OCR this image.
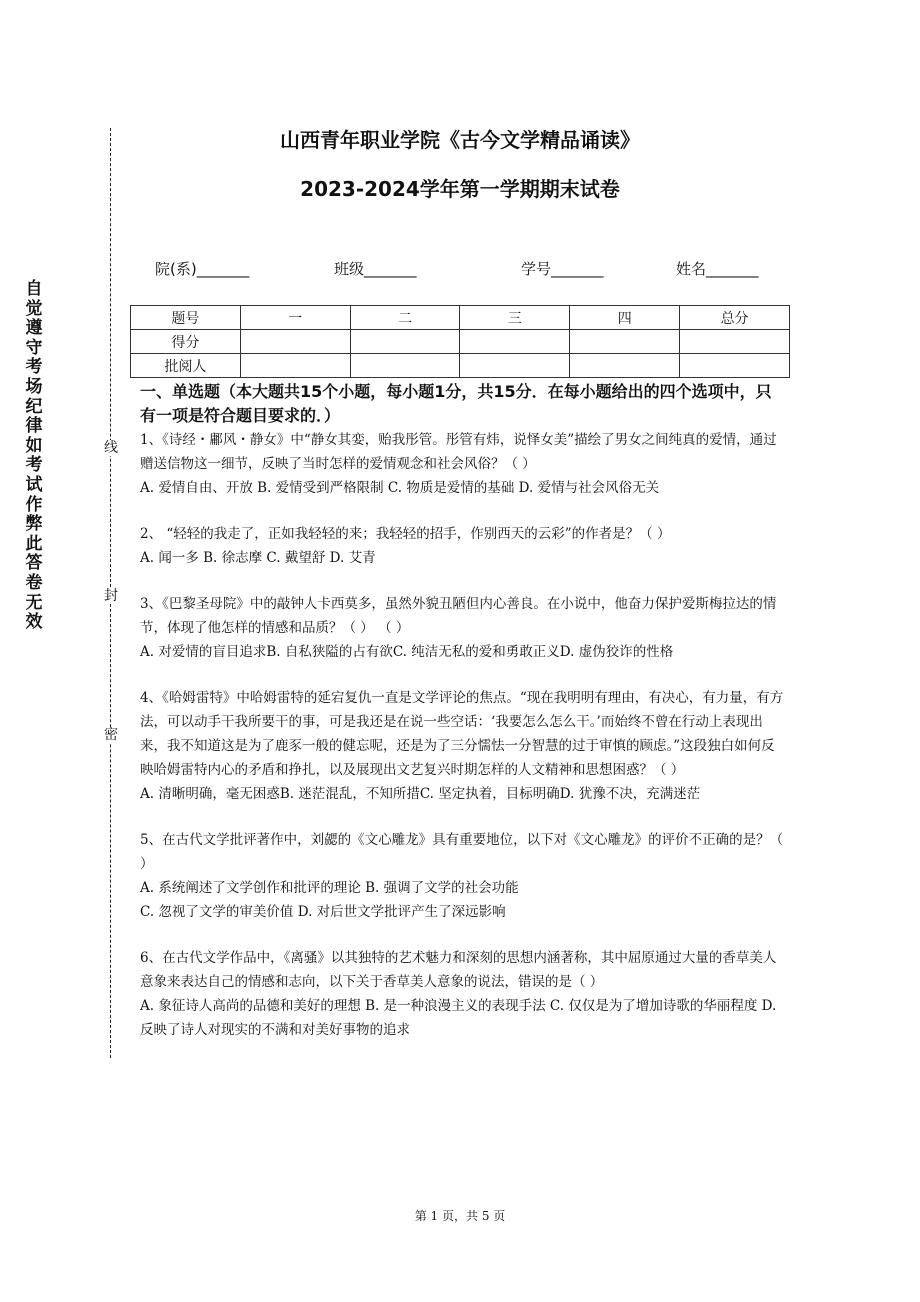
自觉遵守考场纪律如考试作弊此答卷无效
线
封
密
山西青年职业学院《古今文学精品诵读》
2023-2024学年第一学期期末试卷
院(系)_______	班级_______	学号_______	姓名_______
题号	一	二	三	四	总分
得分					
批阅人					

一、单选题（本大题共15个小题，每小题1分，共15分．在每小题给出的四个选项中，只有一项是符合题目要求的．）

1、《诗经・鄘风・静女》中“静女其娈，贻我彤管。彤管有炜，说怿女美”描绘了男女之间纯真的爱情，通过赠送信物这一细节，反映了当时怎样的爱情观念和社会风俗？（ ）

A. 爱情自由、开放 B. 爱情受到严格限制 C. 物质是爱情的基础 D. 爱情与社会风俗无关

2、 “轻轻的我走了，正如我轻轻的来；我轻轻的招手，作别西天的云彩”的作者是？（ ）

A. 闻一多 B. 徐志摩 C. 戴望舒 D. 艾青

3、《巴黎圣母院》中的敲钟人卡西莫多，虽然外貌丑陋但内心善良。在小说中，他奋力保护爱斯梅拉达的情节，体现了他怎样的情感和品质？（ ） （ ）

A. 对爱情的盲目追求B. 自私狭隘的占有欲C. 纯洁无私的爱和勇敢正义D. 虚伪狡诈的性格

4、《哈姆雷特》中哈姆雷特的延宕复仇一直是文学评论的焦点。“现在我明明有理由，有决心，有力量，有方法，可以动手干我所要干的事，可是我还是在说一些空话：‘我要怎么怎么干。’而始终不曾在行动上表现出来，我不知道这是为了鹿豕一般的健忘呢，还是为了三分懦怯一分智慧的过于审慎的顾虑。”这段独白如何反映哈姆雷特内心的矛盾和挣扎，以及展现出文艺复兴时期怎样的人文精神和思想困惑？（ ）

A. 清晰明确，毫无困惑B. 迷茫混乱，不知所措C. 坚定执着，目标明确D. 犹豫不决，充满迷茫

5、在古代文学批评著作中，刘勰的《文心雕龙》具有重要地位，以下对《文心雕龙》的评价不正确的是？（ ）

A. 系统阐述了文学创作和批评的理论 B. 强调了文学的社会功能

C. 忽视了文学的审美价值 D. 对后世文学批评产生了深远影响

6、在古代文学作品中，《离骚》以其独特的艺术魅力和深刻的思想内涵著称，其中屈原通过大量的香草美人意象来表达自己的情感和志向，以下关于香草美人意象的说法，错误的是（ ）

A. 象征诗人高尚的品德和美好的理想 B. 是一种浪漫主义的表现手法 C. 仅仅是为了增加诗歌的华丽程度 D. 反映了诗人对现实的不满和对美好事物的追求

第 1 页，共 5 页
